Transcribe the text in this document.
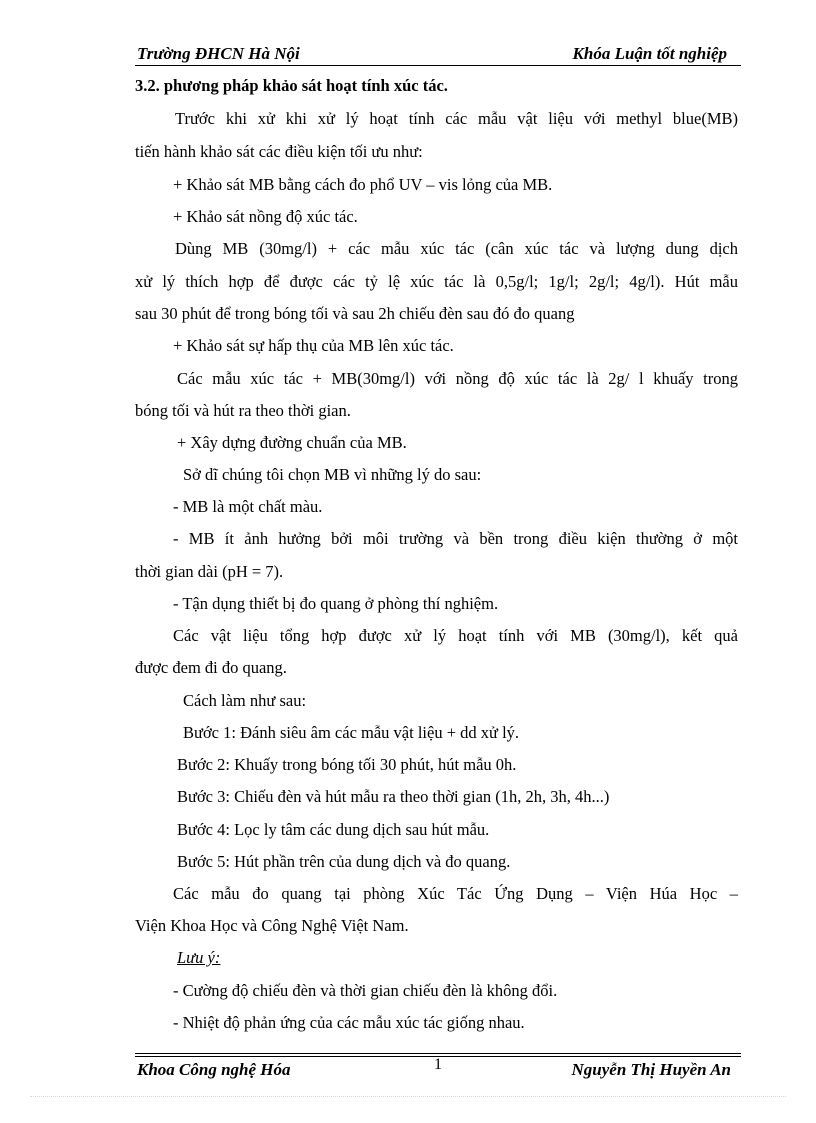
Trường ĐHCN Hà Nội	Khóa Luận tốt nghiệp
3.2. phương pháp khảo sát hoạt tính xúc tác.
Trước khi xử khi xử lý hoạt tính các mẫu vật liệu với methyl blue(MB)
tiến hành khảo sát các điều kiện tối ưu như:
+ Khảo sát MB bằng cách đo phổ UV – vis lỏng của MB.
+ Khảo sát nồng độ xúc tác.
Dùng MB (30mg/l) + các mẫu xúc tác (cân xúc tác và lượng dung dịch
xử lý thích hợp để được các tỷ lệ xúc tác là 0,5g/l; 1g/l; 2g/l; 4g/l). Hút mẫu
sau 30 phút để trong bóng tối và sau 2h chiếu đèn sau đó đo quang
+ Khảo sát sự hấp thụ của MB lên xúc tác.
Các mẫu xúc tác + MB(30mg/l) với nồng độ xúc tác là 2g/ l khuấy trong
bóng tối và hút ra theo thời gian.
+ Xây dựng đường chuẩn của MB.
Sở dĩ chúng tôi chọn MB vì những lý do sau:
- MB là một chất màu.
- MB ít ảnh hưởng bởi môi trường và bền trong điều kiện thường ở một
thời gian dài (pH = 7).
- Tận dụng thiết bị đo quang ở phòng thí nghiệm.
Các vật liệu tổng hợp được xử lý hoạt tính với MB (30mg/l), kết quả
được đem đi đo quang.
Cách làm như sau:
Bước 1: Đánh siêu âm các mẫu vật liệu + dd xử lý.
Bước 2: Khuấy trong bóng tối 30 phút, hút mẫu 0h.
Bước 3: Chiếu đèn và hút mẫu ra theo thời gian (1h, 2h, 3h, 4h...)
Bước 4: Lọc ly tâm các dung dịch sau hút mẫu.
Bước 5: Hút phần trên của dung dịch và đo quang.
Các mẫu đo quang tại phòng Xúc Tác Ứng Dụng – Viện Húa Học –
Viện Khoa Học và Công Nghệ Việt Nam.
Lưu ý:
- Cường độ chiếu đèn và thời gian chiếu đèn là không đổi.
- Nhiệt độ phản ứng của các mẫu xúc tác giống nhau.
Khoa Công nghệ Hóa	1	Nguyễn Thị Huyền An
